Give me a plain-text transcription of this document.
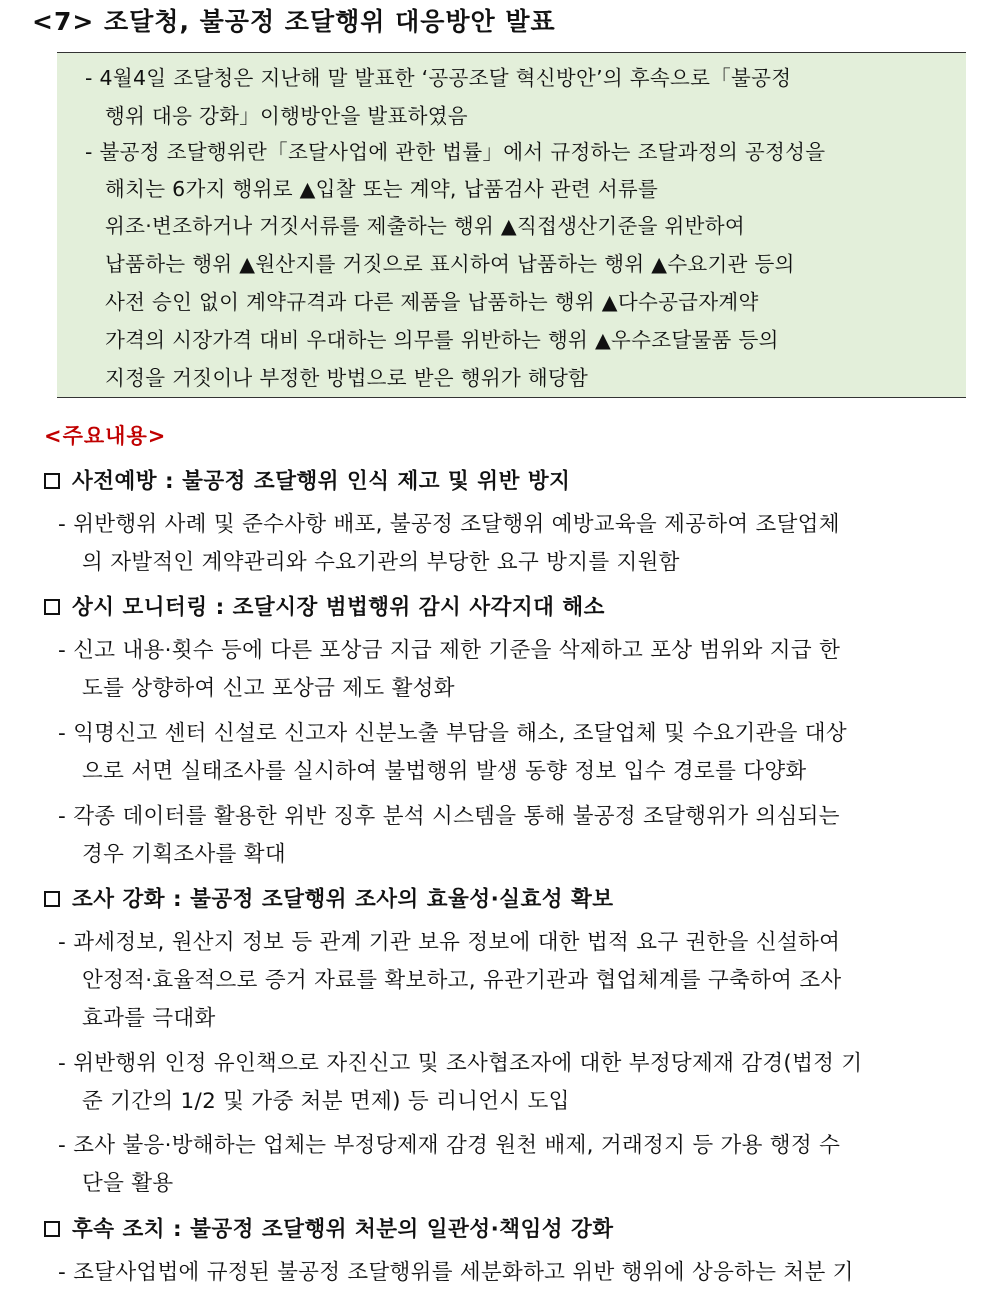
<7> 조달청, 불공정 조달행위 대응방안 발표
- 4월4일 조달청은 지난해 말 발표한 ‘공공조달 혁신방안’의 후속으로「불공정
행위 대응 강화」이행방안을 발표하였음
- 불공정 조달행위란「조달사업에 관한 법률」에서 규정하는 조달과정의 공정성을
해치는 6가지 행위로 ▲입찰 또는 계약, 납품검사 관련 서류를
위조·변조하거나 거짓서류를 제출하는 행위 ▲직접생산기준을 위반하여
납품하는 행위 ▲원산지를 거짓으로 표시하여 납품하는 행위 ▲수요기관 등의
사전 승인 없이 계약규격과 다른 제품을 납품하는 행위 ▲다수공급자계약
가격의 시장가격 대비 우대하는 의무를 위반하는 행위 ▲우수조달물품 등의
지정을 거짓이나 부정한 방법으로 받은 행위가 해당함
<주요내용>
사전예방 : 불공정 조달행위 인식 제고 및 위반 방지
- 위반행위 사례 및 준수사항 배포, 불공정 조달행위 예방교육을 제공하여 조달업체
의 자발적인 계약관리와 수요기관의 부당한 요구 방지를 지원함
상시 모니터링 : 조달시장 범법행위 감시 사각지대 해소
- 신고 내용·횟수 등에 다른 포상금 지급 제한 기준을 삭제하고 포상 범위와 지급 한
도를 상향하여 신고 포상금 제도 활성화
- 익명신고 센터 신설로 신고자 신분노출 부담을 해소, 조달업체 및 수요기관을 대상
으로 서면 실태조사를 실시하여 불법행위 발생 동향 정보 입수 경로를 다양화
- 각종 데이터를 활용한 위반 징후 분석 시스템을 통해 불공정 조달행위가 의심되는
경우 기획조사를 확대
조사 강화 : 불공정 조달행위 조사의 효율성·실효성 확보
- 과세정보, 원산지 정보 등 관계 기관 보유 정보에 대한 법적 요구 권한을 신설하여
안정적·효율적으로 증거 자료를 확보하고, 유관기관과 협업체계를 구축하여 조사
효과를 극대화
- 위반행위 인정 유인책으로 자진신고 및 조사협조자에 대한 부정당제재 감경(법정 기
준 기간의 1/2 및 가중 처분 면제) 등 리니언시 도입
- 조사 불응·방해하는 업체는 부정당제재 감경 원천 배제, 거래정지 등 가용 행정 수
단을 활용
후속 조치 : 불공정 조달행위 처분의 일관성·책임성 강화
- 조달사업법에 규정된 불공정 조달행위를 세분화하고 위반 행위에 상응하는 처분 기
